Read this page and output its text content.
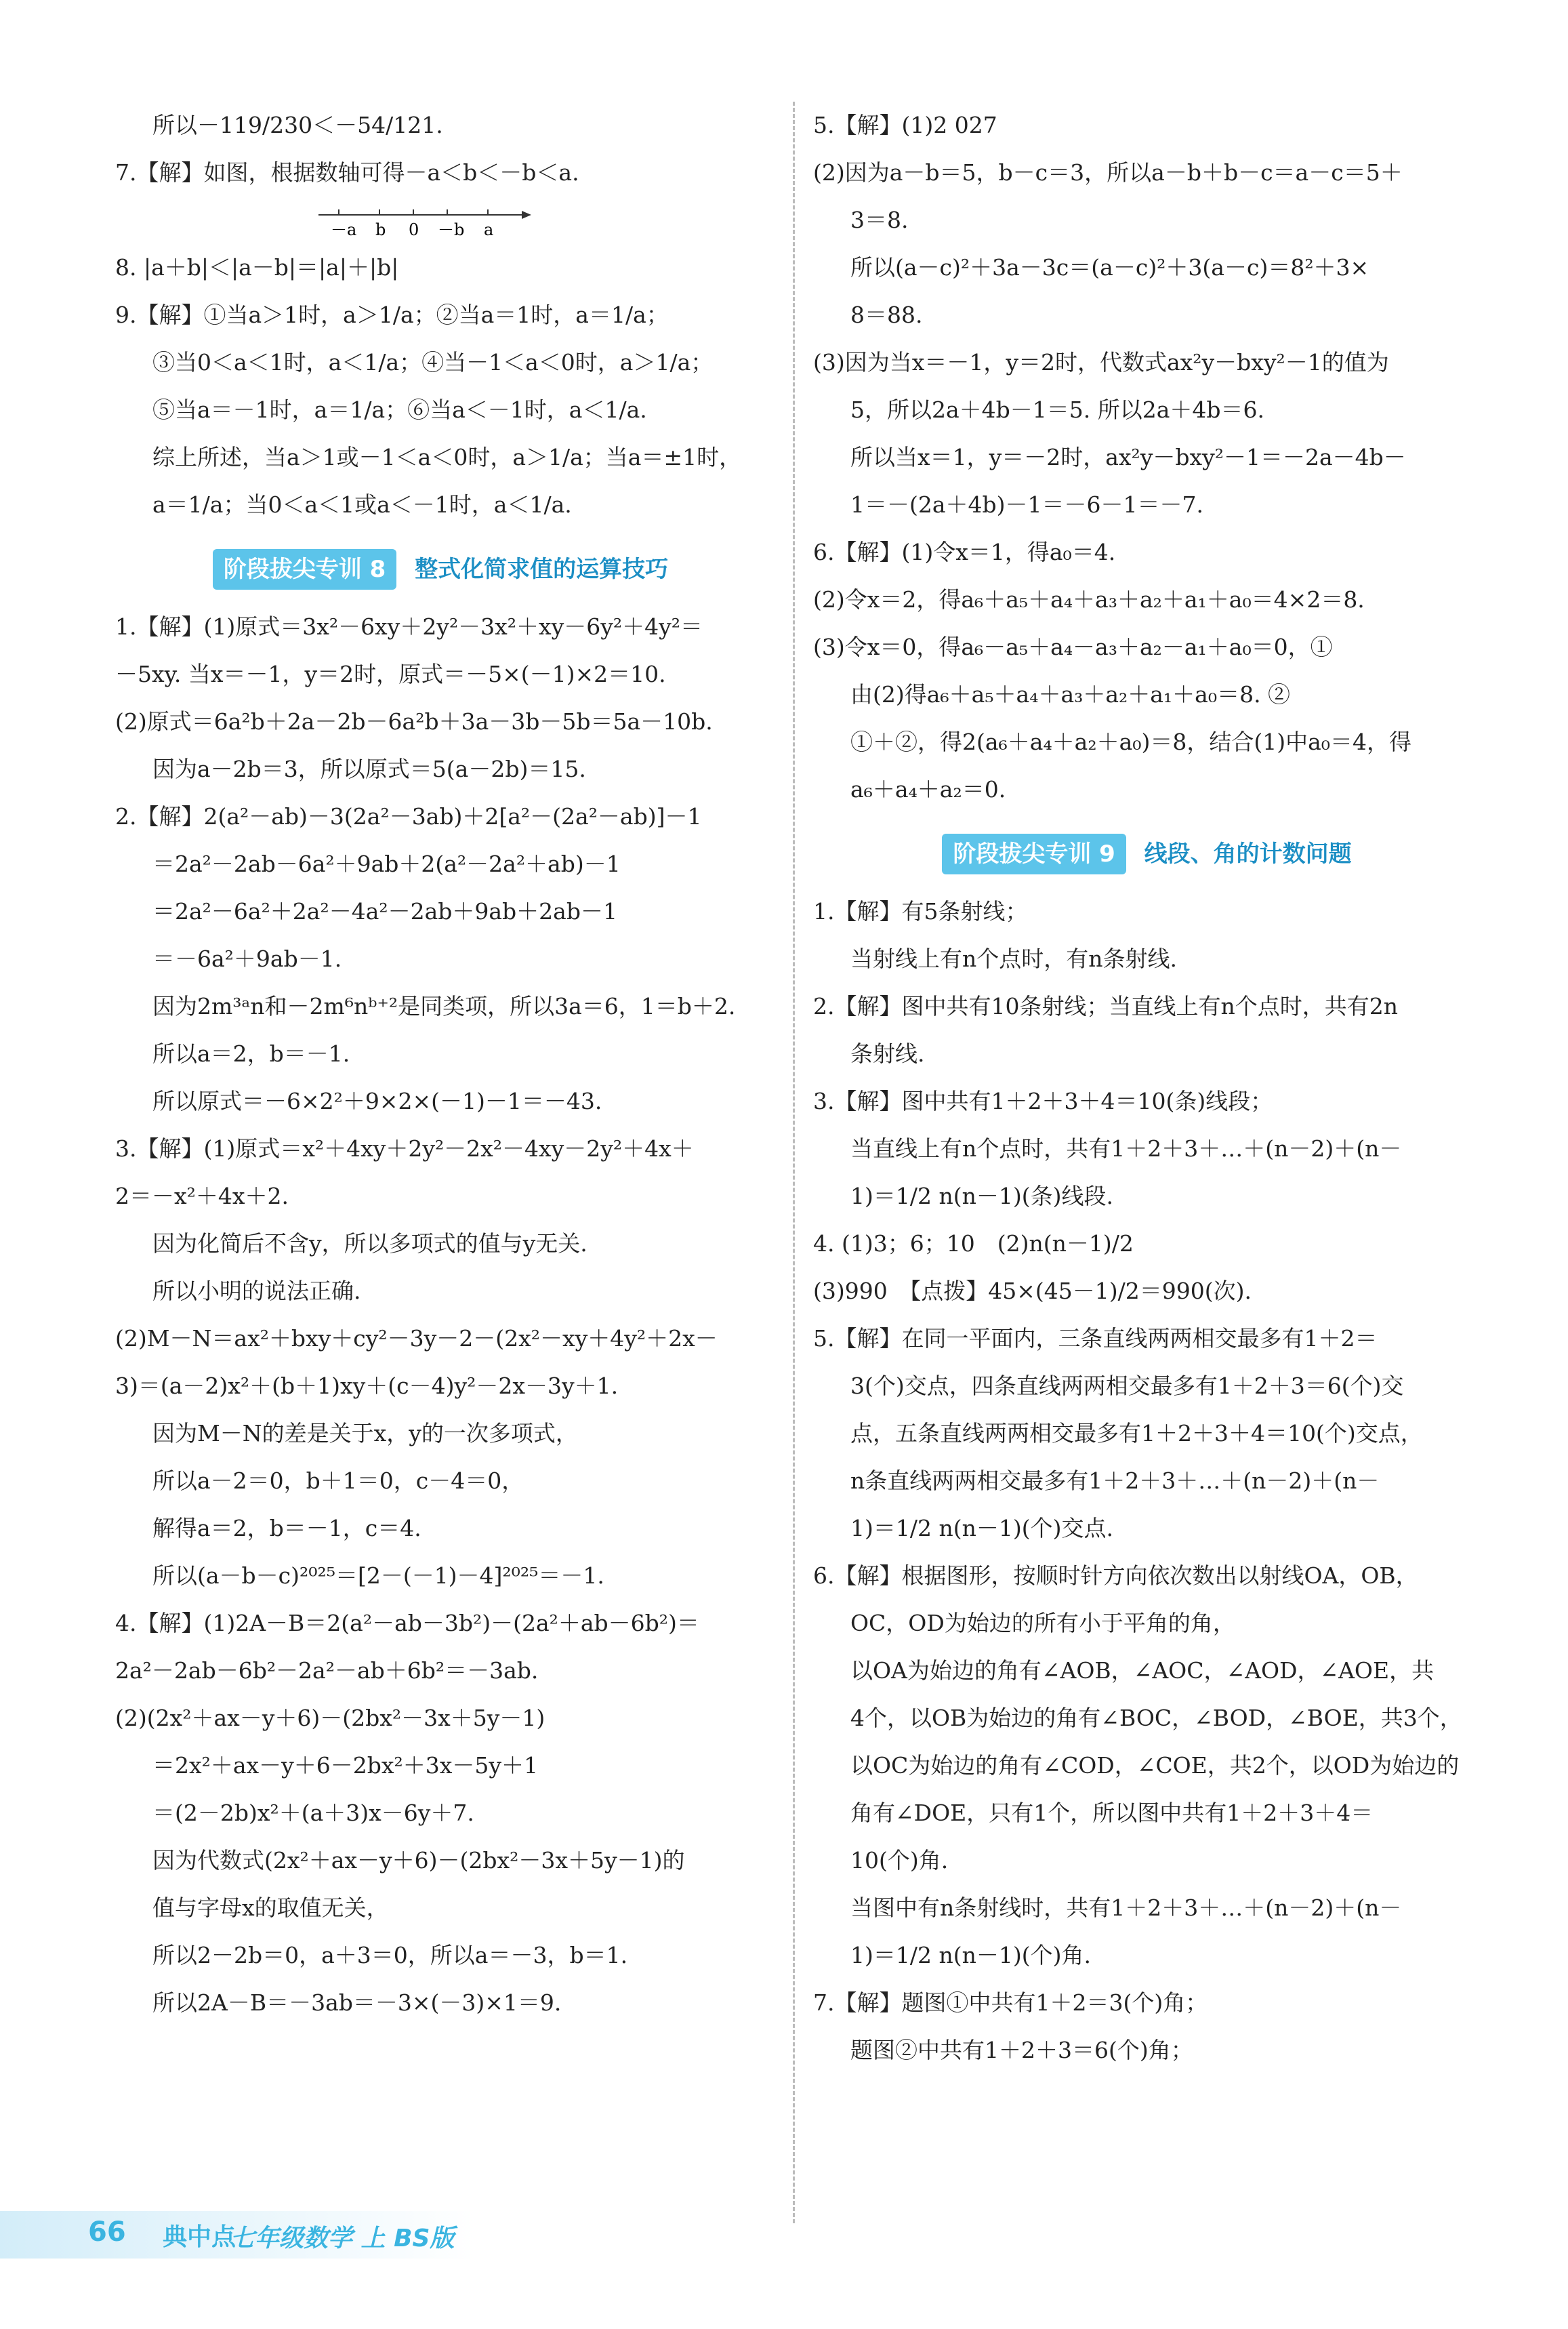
所以－119/230＜－54/121.
7.【解】如图，根据数轴可得－a＜b＜－b＜a.
－a b 0 －b a
8. |a＋b|＜|a－b|＝|a|＋|b|
9.【解】①当a＞1时，a＞1/a；②当a＝1时，a＝1/a；
③当0＜a＜1时，a＜1/a；④当－1＜a＜0时，a＞1/a；
⑤当a＝－1时，a＝1/a；⑥当a＜－1时，a＜1/a.
综上所述，当a＞1或－1＜a＜0时，a＞1/a；当a＝±1时，
a＝1/a；当0＜a＜1或a＜－1时，a＜1/a.
阶段拔尖专训 8 整式化简求值的运算技巧
1.【解】(1)原式＝3x²－6xy＋2y²－3x²＋xy－6y²＋4y²＝
－5xy. 当x＝－1，y＝2时，原式＝－5×(－1)×2＝10.
(2)原式＝6a²b＋2a－2b－6a²b＋3a－3b－5b＝5a－10b.
因为a－2b＝3，所以原式＝5(a－2b)＝15.
2.【解】2(a²－ab)－3(2a²－3ab)＋2[a²－(2a²－ab)]－1
＝2a²－2ab－6a²＋9ab＋2(a²－2a²＋ab)－1
＝2a²－6a²＋2a²－4a²－2ab＋9ab＋2ab－1
＝－6a²＋9ab－1.
因为2m³ᵃn和－2m⁶nᵇ⁺²是同类项，所以3a＝6，1＝b＋2.
所以a＝2，b＝－1.
所以原式＝－6×2²＋9×2×(－1)－1＝－43.
3.【解】(1)原式＝x²＋4xy＋2y²－2x²－4xy－2y²＋4x＋
2＝－x²＋4x＋2.
因为化简后不含y，所以多项式的值与y无关.
所以小明的说法正确.
(2)M－N＝ax²＋bxy＋cy²－3y－2－(2x²－xy＋4y²＋2x－
3)＝(a－2)x²＋(b＋1)xy＋(c－4)y²－2x－3y＋1.
因为M－N的差是关于x，y的一次多项式，
所以a－2＝0，b＋1＝0，c－4＝0，
解得a＝2，b＝－1，c＝4.
所以(a－b－c)²⁰²⁵＝[2－(－1)－4]²⁰²⁵＝－1.
4.【解】(1)2A－B＝2(a²－ab－3b²)－(2a²＋ab－6b²)＝
2a²－2ab－6b²－2a²－ab＋6b²＝－3ab.
(2)(2x²＋ax－y＋6)－(2bx²－3x＋5y－1)
＝2x²＋ax－y＋6－2bx²＋3x－5y＋1
＝(2－2b)x²＋(a＋3)x－6y＋7.
因为代数式(2x²＋ax－y＋6)－(2bx²－3x＋5y－1)的
值与字母x的取值无关，
所以2－2b＝0，a＋3＝0，所以a＝－3，b＝1.
所以2A－B＝－3ab＝－3×(－3)×1＝9.
5.【解】(1)2 027
(2)因为a－b＝5，b－c＝3，所以a－b＋b－c＝a－c＝5＋
3＝8.
所以(a－c)²＋3a－3c＝(a－c)²＋3(a－c)＝8²＋3×
8＝88.
(3)因为当x＝－1，y＝2时，代数式ax²y－bxy²－1的值为
5，所以2a＋4b－1＝5. 所以2a＋4b＝6.
所以当x＝1，y＝－2时，ax²y－bxy²－1＝－2a－4b－
1＝－(2a＋4b)－1＝－6－1＝－7.
6.【解】(1)令x＝1，得a₀＝4.
(2)令x＝2，得a₆＋a₅＋a₄＋a₃＋a₂＋a₁＋a₀＝4×2＝8.
(3)令x＝0，得a₆－a₅＋a₄－a₃＋a₂－a₁＋a₀＝0，①
由(2)得a₆＋a₅＋a₄＋a₃＋a₂＋a₁＋a₀＝8. ②
①＋②，得2(a₆＋a₄＋a₂＋a₀)＝8，结合(1)中a₀＝4，得
a₆＋a₄＋a₂＝0.
阶段拔尖专训 9 线段、角的计数问题
1.【解】有5条射线；
当射线上有n个点时，有n条射线.
2.【解】图中共有10条射线；当直线上有n个点时，共有2n
条射线.
3.【解】图中共有1＋2＋3＋4＝10(条)线段；
当直线上有n个点时，共有1＋2＋3＋…＋(n－2)＋(n－
1)＝1/2 n(n－1)(条)线段.
4. (1)3；6；10　(2)n(n－1)/2
(3)990　【点拨】45×(45－1)/2＝990(次).
5.【解】在同一平面内，三条直线两两相交最多有1＋2＝
3(个)交点，四条直线两两相交最多有1＋2＋3＝6(个)交
点，五条直线两两相交最多有1＋2＋3＋4＝10(个)交点，
n条直线两两相交最多有1＋2＋3＋…＋(n－2)＋(n－
1)＝1/2 n(n－1)(个)交点.
6.【解】根据图形，按顺时针方向依次数出以射线OA，OB，
OC，OD为始边的所有小于平角的角，
以OA为始边的角有∠AOB，∠AOC，∠AOD，∠AOE，共
4个，以OB为始边的角有∠BOC，∠BOD，∠BOE，共3个，
以OC为始边的角有∠COD，∠COE，共2个，以OD为始边的
角有∠DOE，只有1个，所以图中共有1＋2＋3＋4＝
10(个)角.
当图中有n条射线时，共有1＋2＋3＋…＋(n－2)＋(n－
1)＝1/2 n(n－1)(个)角.
7.【解】题图①中共有1＋2＝3(个)角；
题图②中共有1＋2＋3＝6(个)角；
66 典中点
七年级数学 上 BS版
